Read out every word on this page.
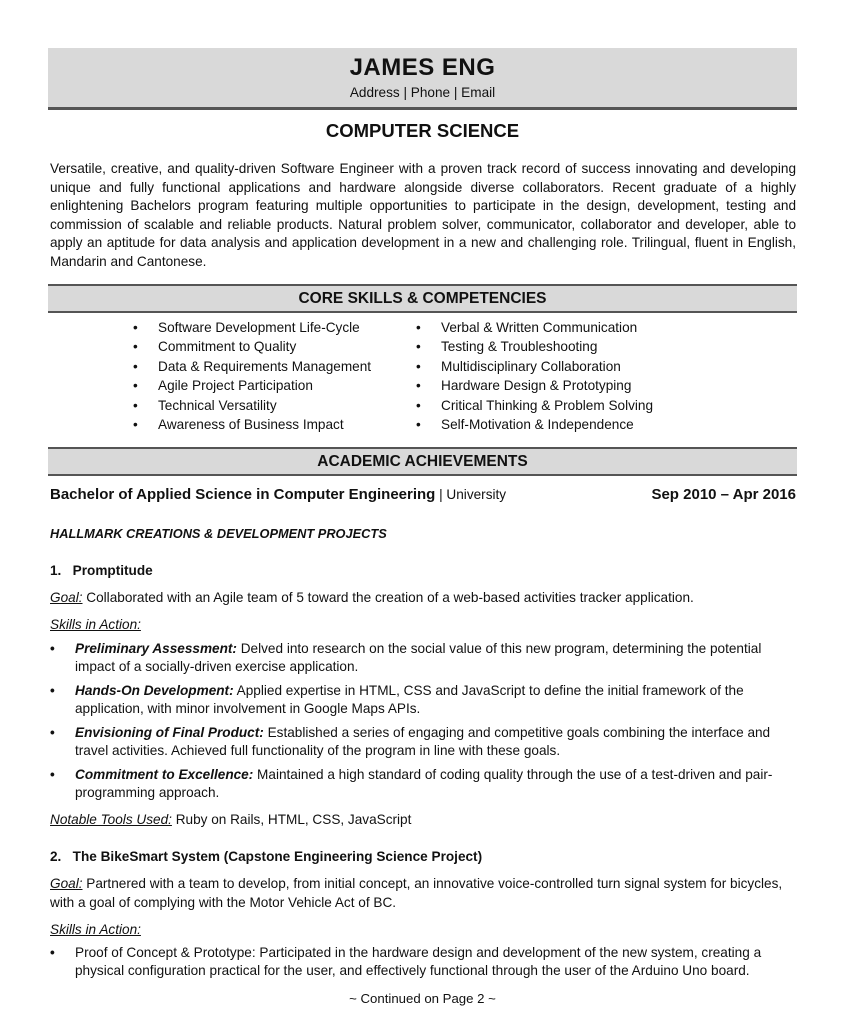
JAMES ENG
Address | Phone | Email
COMPUTER SCIENCE
Versatile, creative, and quality-driven Software Engineer with a proven track record of success innovating and developing unique and fully functional applications and hardware alongside diverse collaborators. Recent graduate of a highly enlightening Bachelors program featuring multiple opportunities to participate in the design, development, testing and commission of scalable and reliable products. Natural problem solver, communicator, collaborator and developer, able to apply an aptitude for data analysis and application development in a new and challenging role. Trilingual, fluent in English, Mandarin and Cantonese.
CORE SKILLS & COMPETENCIES
• Software Development Life-Cycle
• Commitment to Quality
• Data & Requirements Management
• Agile Project Participation
• Technical Versatility
• Awareness of Business Impact
• Verbal & Written Communication
• Testing & Troubleshooting
• Multidisciplinary Collaboration
• Hardware Design & Prototyping
• Critical Thinking & Problem Solving
• Self-Motivation & Independence
ACADEMIC ACHIEVEMENTS
Bachelor of Applied Science in Computer Engineering | University	Sep 2010 – Apr 2016
HALLMARK CREATIONS & DEVELOPMENT PROJECTS
1.   Promptitude
Goal: Collaborated with an Agile team of 5 toward the creation of a web-based activities tracker application.
Skills in Action:
• Preliminary Assessment: Delved into research on the social value of this new program, determining the potential impact of a socially-driven exercise application.
• Hands-On Development: Applied expertise in HTML, CSS and JavaScript to define the initial framework of the application, with minor involvement in Google Maps APIs.
• Envisioning of Final Product: Established a series of engaging and competitive goals combining the interface and travel activities. Achieved full functionality of the program in line with these goals.
• Commitment to Excellence: Maintained a high standard of coding quality through the use of a test-driven and pair-programming approach.
Notable Tools Used: Ruby on Rails, HTML, CSS, JavaScript
2.   The BikeSmart System (Capstone Engineering Science Project)
Goal: Partnered with a team to develop, from initial concept, an innovative voice-controlled turn signal system for bicycles, with a goal of complying with the Motor Vehicle Act of BC.
Skills in Action:
• Proof of Concept & Prototype: Participated in the hardware design and development of the new system, creating a physical configuration practical for the user, and effectively functional through the user of the Arduino Uno board.
~ Continued on Page 2 ~
